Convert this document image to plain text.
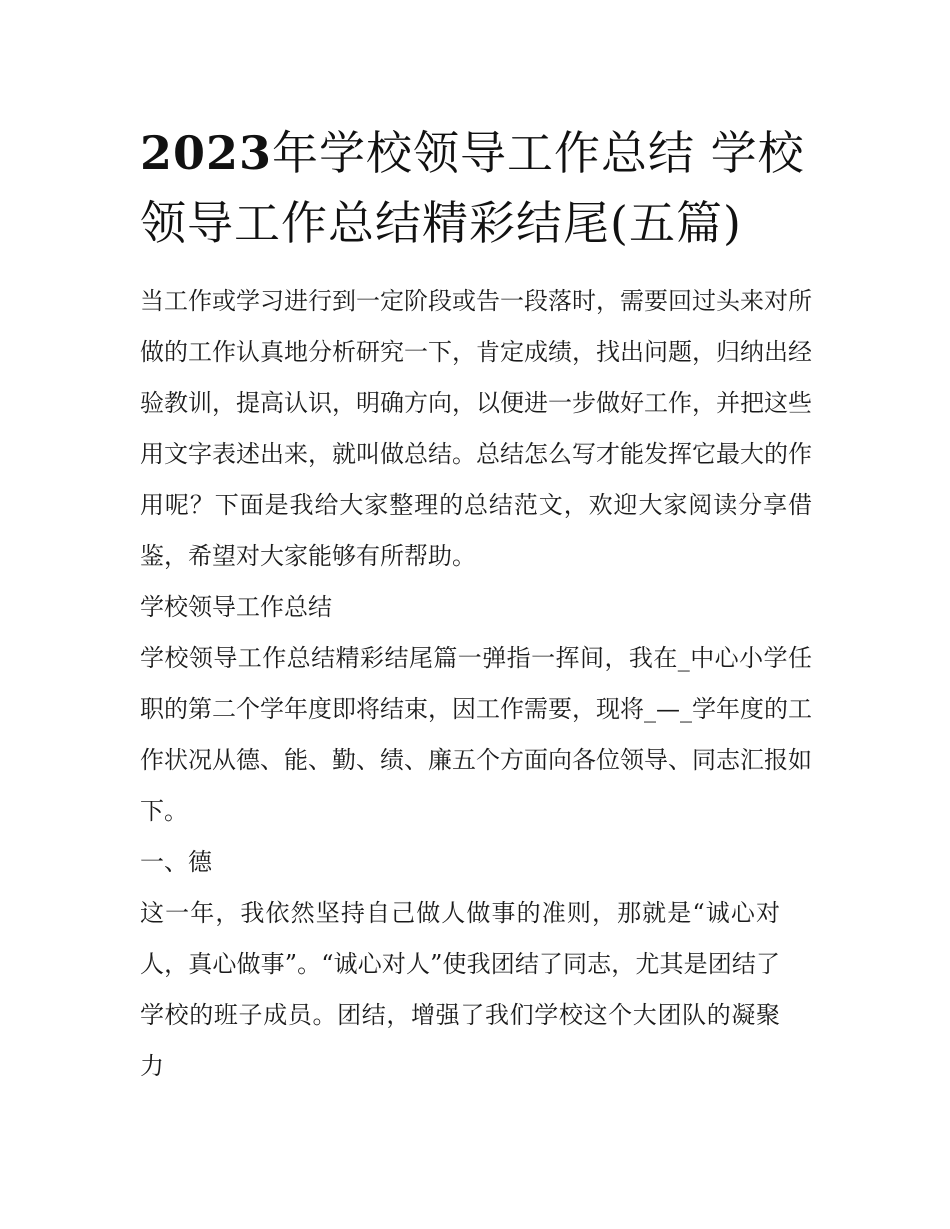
2023年学校领导工作总结 学校领导工作总结精彩结尾(五篇)

当工作或学习进行到一定阶段或告一段落时，需要回过头来对所做的工作认真地分析研究一下，肯定成绩，找出问题，归纳出经验教训，提高认识，明确方向，以便进一步做好工作，并把这些用文字表述出来，就叫做总结。总结怎么写才能发挥它最大的作用呢？下面是我给大家整理的总结范文，欢迎大家阅读分享借鉴，希望对大家能够有所帮助。

学校领导工作总结

学校领导工作总结精彩结尾篇一弹指一挥间，我在_中心小学任职的第二个学年度即将结束，因工作需要，现将_—_学年度的工作状况从德、能、勤、绩、廉五个方面向各位领导、同志汇报如下。

一、德

这一年，我依然坚持自己做人做事的准则，那就是“诚心对人，真心做事”。“诚心对人”使我团结了同志，尤其是团结了学校的班子成员。团结，增强了我们学校这个大团队的凝聚力
